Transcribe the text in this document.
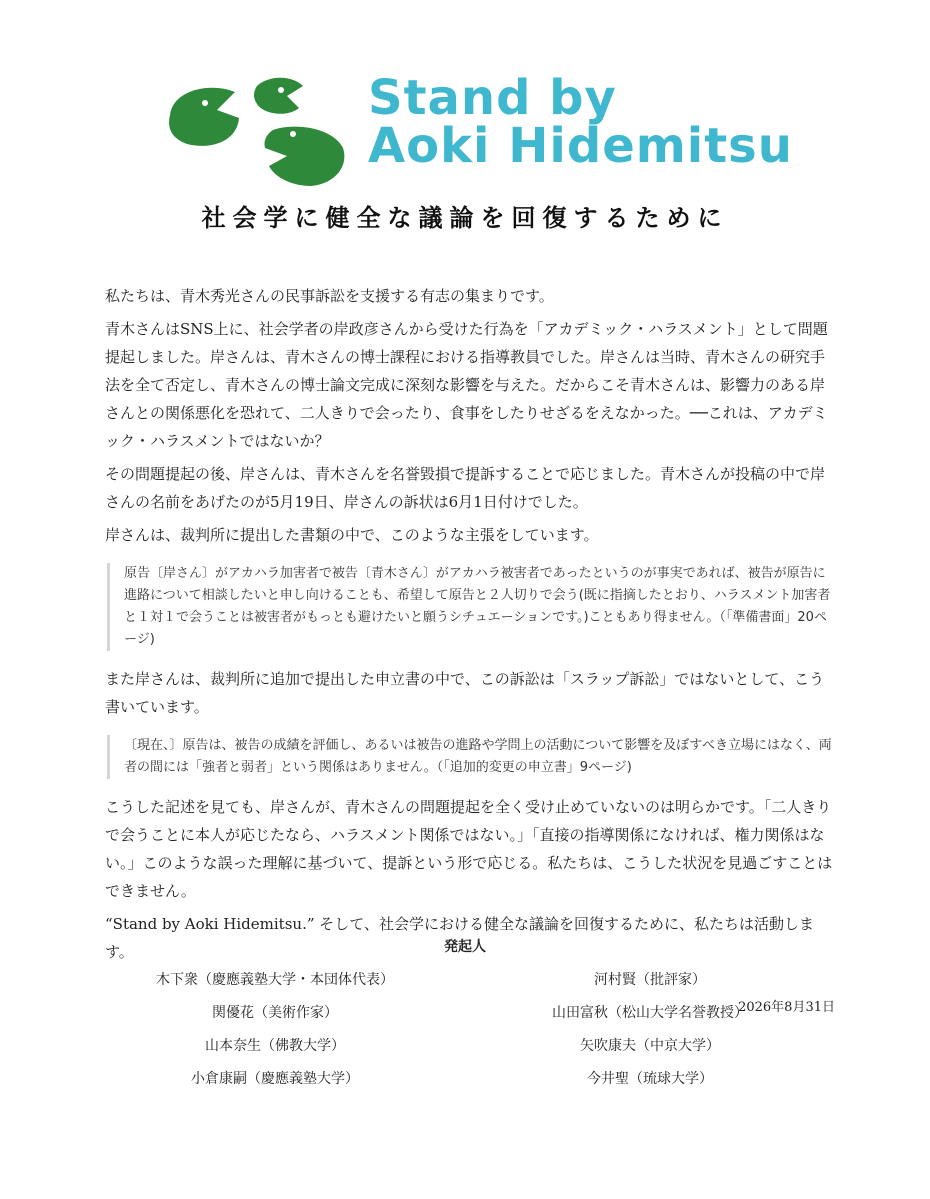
Stand by
Aoki Hidemitsu
社会学に健全な議論を回復するために

私たちは、青木秀光さんの民事訴訟を支援する有志の集まりです。

青木さんはSNS上に、社会学者の岸政彦さんから受けた行為を「アカデミック・ハラスメント」として問題提起しました。岸さんは、青木さんの博士課程における指導教員でした。岸さんは当時、青木さんの研究手法を全て否定し、青木さんの博士論文完成に深刻な影響を与えた。だからこそ青木さんは、影響力のある岸さんとの関係悪化を恐れて、二人きりで会ったり、食事をしたりせざるをえなかった。──これは、アカデミック・ハラスメントではないか？

その問題提起の後、岸さんは、青木さんを名誉毀損で提訴することで応じました。青木さんが投稿の中で岸さんの名前をあげたのが5月19日、岸さんの訴状は6月1日付けでした。

岸さんは、裁判所に提出した書類の中で、このような主張をしています。

原告〔岸さん〕がアカハラ加害者で被告〔青木さん〕がアカハラ被害者であったというのが事実であれば、被告が原告に進路について相談したいと申し向けることも、希望して原告と２人切りで会う(既に指摘したとおり、ハラスメント加害者と１対１で会うことは被害者がもっとも避けたいと願うシチュエーションです。)こともあり得ません。（「準備書面」20ページ)

また岸さんは、裁判所に追加で提出した申立書の中で、この訴訟は「スラップ訴訟」ではないとして、こう書いています。

〔現在、〕原告は、被告の成績を評価し、あるいは被告の進路や学問上の活動について影響を及ぼすべき立場にはなく、両者の間には「強者と弱者」という関係はありません。（「追加的変更の申立書」9ページ)

こうした記述を見ても、岸さんが、青木さんの問題提起を全く受け止めていないのは明らかです。「二人きりで会うことに本人が応じたなら、ハラスメント関係ではない。」「直接の指導関係になければ、権力関係はない。」このような誤った理解に基づいて、提訴という形で応じる。私たちは、こうした状況を見過ごすことはできません。

“Stand by Aoki Hidemitsu.” そして、社会学における健全な議論を回復するために、私たちは活動します。

2026年8月31日
発起人
木下衆（慶應義塾大学・本団体代表）
関優花（美術作家）
山本奈生（佛教大学）
小倉康嗣（慶應義塾大学）
河村賢（批評家）
山田富秋（松山大学名誉教授）
矢吹康夫（中京大学）
今井聖（琉球大学）
